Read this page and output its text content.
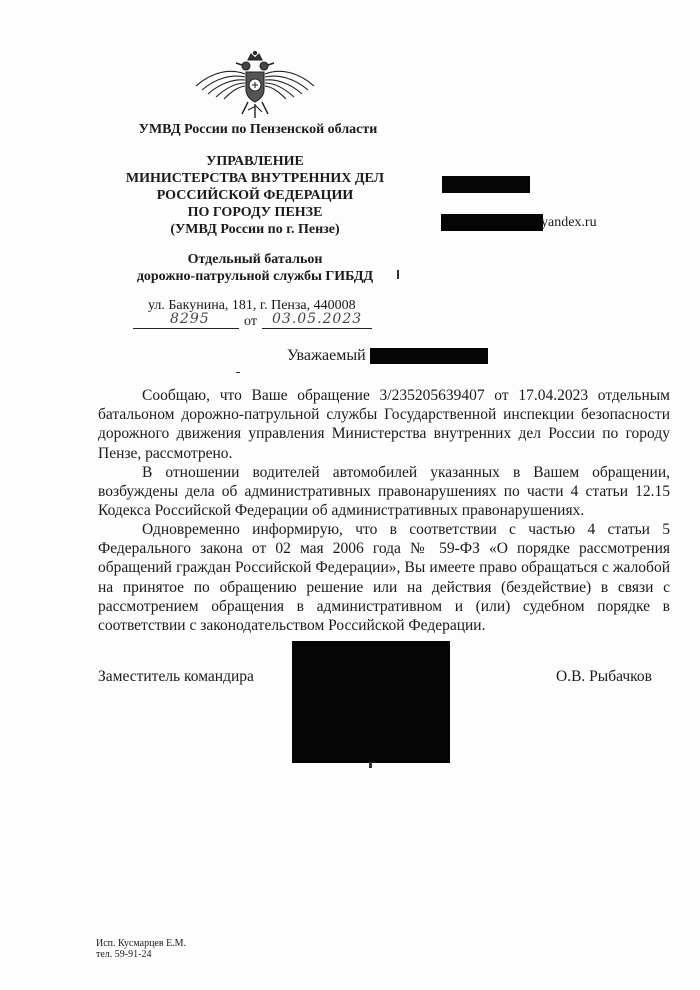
УМВД России по Пензенской области
УПРАВЛЕНИЕ
МИНИСТЕРСТВА ВНУТРЕННИХ ДЕЛ
РОССИЙСКОЙ ФЕДЕРАЦИИ
ПО ГОРОДУ ПЕНЗЕ
(УМВД России по г. Пензе)
Отдельный батальон
дорожно-патрульной службы ГИБДД
ул. Бакунина, 181, г. Пенза, 440008
8295 от 03.05.2023
yandex.ru
Уважаемый

Сообщаю, что Ваше обращение 3/235205639407 от 17.04.2023 отдельным батальоном дорожно-патрульной службы Государственной инспекции безопасности дорожного движения управления Министерства внутренних дел России по городу Пензе, рассмотрено.

В отношении водителей автомобилей указанных в Вашем обращении, возбуждены дела об административных правонарушениях по части 4 статьи 12.15 Кодекса Российской Федерации об административных правонарушениях.

Одновременно информирую, что в соответствии с частью 4 статьи 5 Федерального закона от 02 мая 2006 года № 59-ФЗ «О порядке рассмотрения обращений граждан Российской Федерации», Вы имеете право обращаться с жалобой на принятое по обращению решение или на действия (бездействие) в связи с рассмотрением обращения в административном и (или) судебном порядке в соответствии с законодательством Российской Федерации.

Заместитель командира	О.В. Рыбачков
Исп. Кусмарцев Е.М.
тел. 59-91-24
